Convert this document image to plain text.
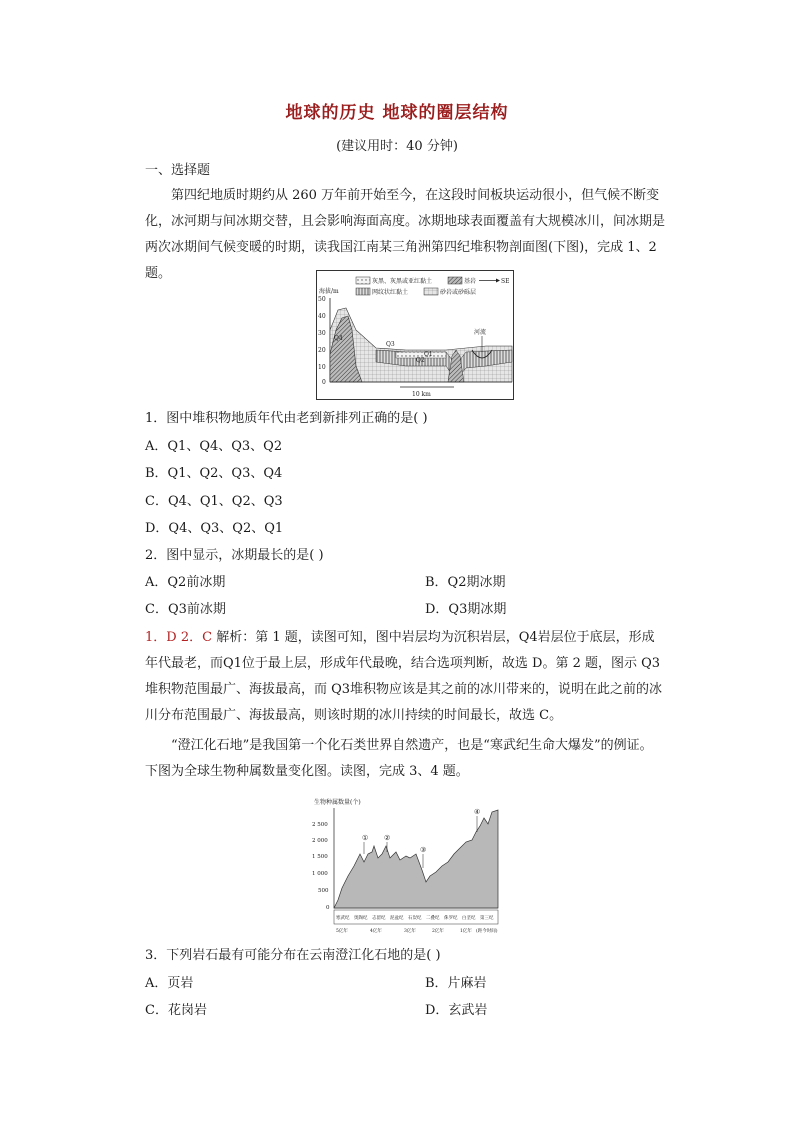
地球的历史 地球的圈层结构
(建议用时：40 分钟)
一、选择题
第四纪地质时期约从 260 万年前开始至今，在这段时间板块运动很小，但气候不断变化，冰河期与间冰期交替，且会影响海面高度。冰期地球表面覆盖有大规模冰川，间冰期是两次冰期间气候变暖的时期，读我国江南某三角洲第四纪堆积物剖面图(下图)，完成 1、2 题。
灰黑、灰黑或亚红黏土	基岩	SE
网纹状红黏土	砂岩或砂砾层
海拔/m
50
40
30
20
10
0
河流
Q4
Q3
Q2
Q1
10 km
1．图中堆积物地质年代由老到新排列正确的是( )
A．Q1、Q4、Q3、Q2
B．Q1、Q2、Q3、Q4
C．Q4、Q1、Q2、Q3
D．Q4、Q3、Q2、Q1
2．图中显示，冰期最长的是( )
A．Q2前冰期	B．Q2期冰期
C．Q3前冰期	D．Q3期冰期
1．D 2．C 解析：第 1 题，读图可知，图中岩层均为沉积岩层，Q4岩层位于底层，形成年代最老，而Q1位于最上层，形成年代最晚，结合选项判断，故选 D。第 2 题，图示 Q3堆积物范围最广、海拔最高，而 Q3堆积物应该是其之前的冰川带来的，说明在此之前的冰川分布范围最广、海拔最高，则该时期的冰川持续的时间最长，故选 C。
“澄江化石地”是我国第一个化石类世界自然遗产，也是“寒武纪生命大爆发”的例证。下图为全球生物种属数量变化图。读图，完成 3、4 题。
生物种属数量(个)
2 500
2 000
1 500
1 000
500
0
① ②
③
④
寒武纪 奥陶纪 志留纪 泥盆纪 石炭纪 二叠纪 侏罗纪 白垩纪 第三纪
5亿年	4亿年	3亿年	2亿年	1亿年 (距今时间)
3．下列岩石最有可能分布在云南澄江化石地的是( )
A．页岩	B．片麻岩
C．花岗岩	D．玄武岩
